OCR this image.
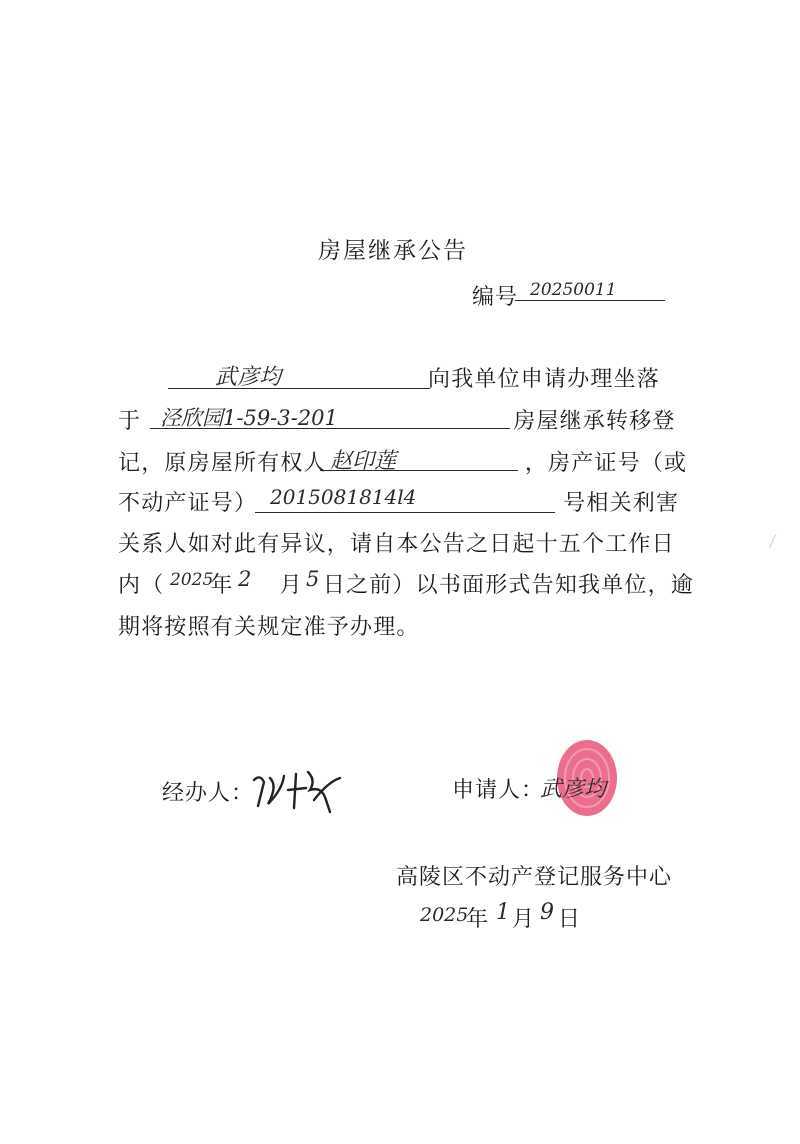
房屋继承公告
编号 20250011
向我单位申请办理坐落
于	房屋继承转移登
记，原房屋所有权人	，房产证号（或
不动产证号）	号相关利害
关系人如对此有异议，请自本公告之日起十五个工作日
内（ 年 月 日之前）以书面形式告知我单位，逾
期将按照有关规定准予办理。
武彦均
泾欣园1-59-3-201
赵印莲
2015081814l4
2025 2	5
经办人：	申请人：
武彦均
高陵区不动产登记服务中心
2025
年 1 月 9 日
